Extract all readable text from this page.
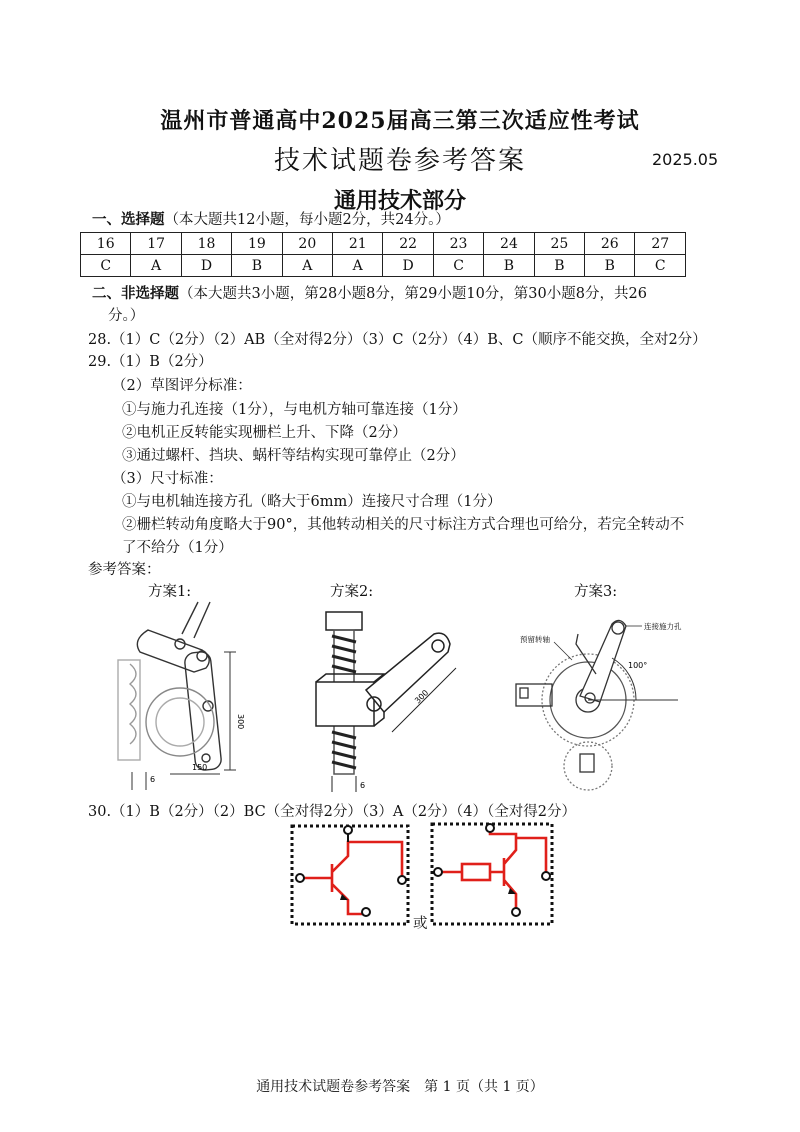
温州市普通高中2025届高三第三次适应性考试
技术试题卷参考答案	2025.05
通用技术部分
一、选择题（本大题共12小题，每小题2分，共24分。）
16	17	18	19	20	21	22	23	24	25	26	27
C	A	D	B	A	A	D	C	B	B	B	C
二、非选择题（本大题共3小题，第28小题8分，第29小题10分，第30小题8分，共26
分。）
28.（1）C（2分）（2）AB（全对得2分）（3）C（2分）（4）B、C（顺序不能交换，全对2分）
29.（1）B（2分）
（2）草图评分标准：
①与施力孔连接（1分），与电机方轴可靠连接（1分）
②电机正反转能实现栅栏上升、下降（2分）
③通过螺杆、挡块、蜗杆等结构实现可靠停止（2分）
（3）尺寸标准：
①与电机轴连接方孔（略大于6mm）连接尺寸合理（1分）
②栅栏转动角度略大于90°，其他转动相关的尺寸标注方式合理也可给分，若完全转动不
了不给分（1分）
参考答案：
方案1:	方案2:	方案3:
300
150
6
300
6
预留转轴
连接施力孔
100°
30.（1）B（2分）（2）BC（全对得2分）（3）A（2分）（4）（全对得2分）
或
通用技术试题卷参考答案　第 1 页（共 1 页）
